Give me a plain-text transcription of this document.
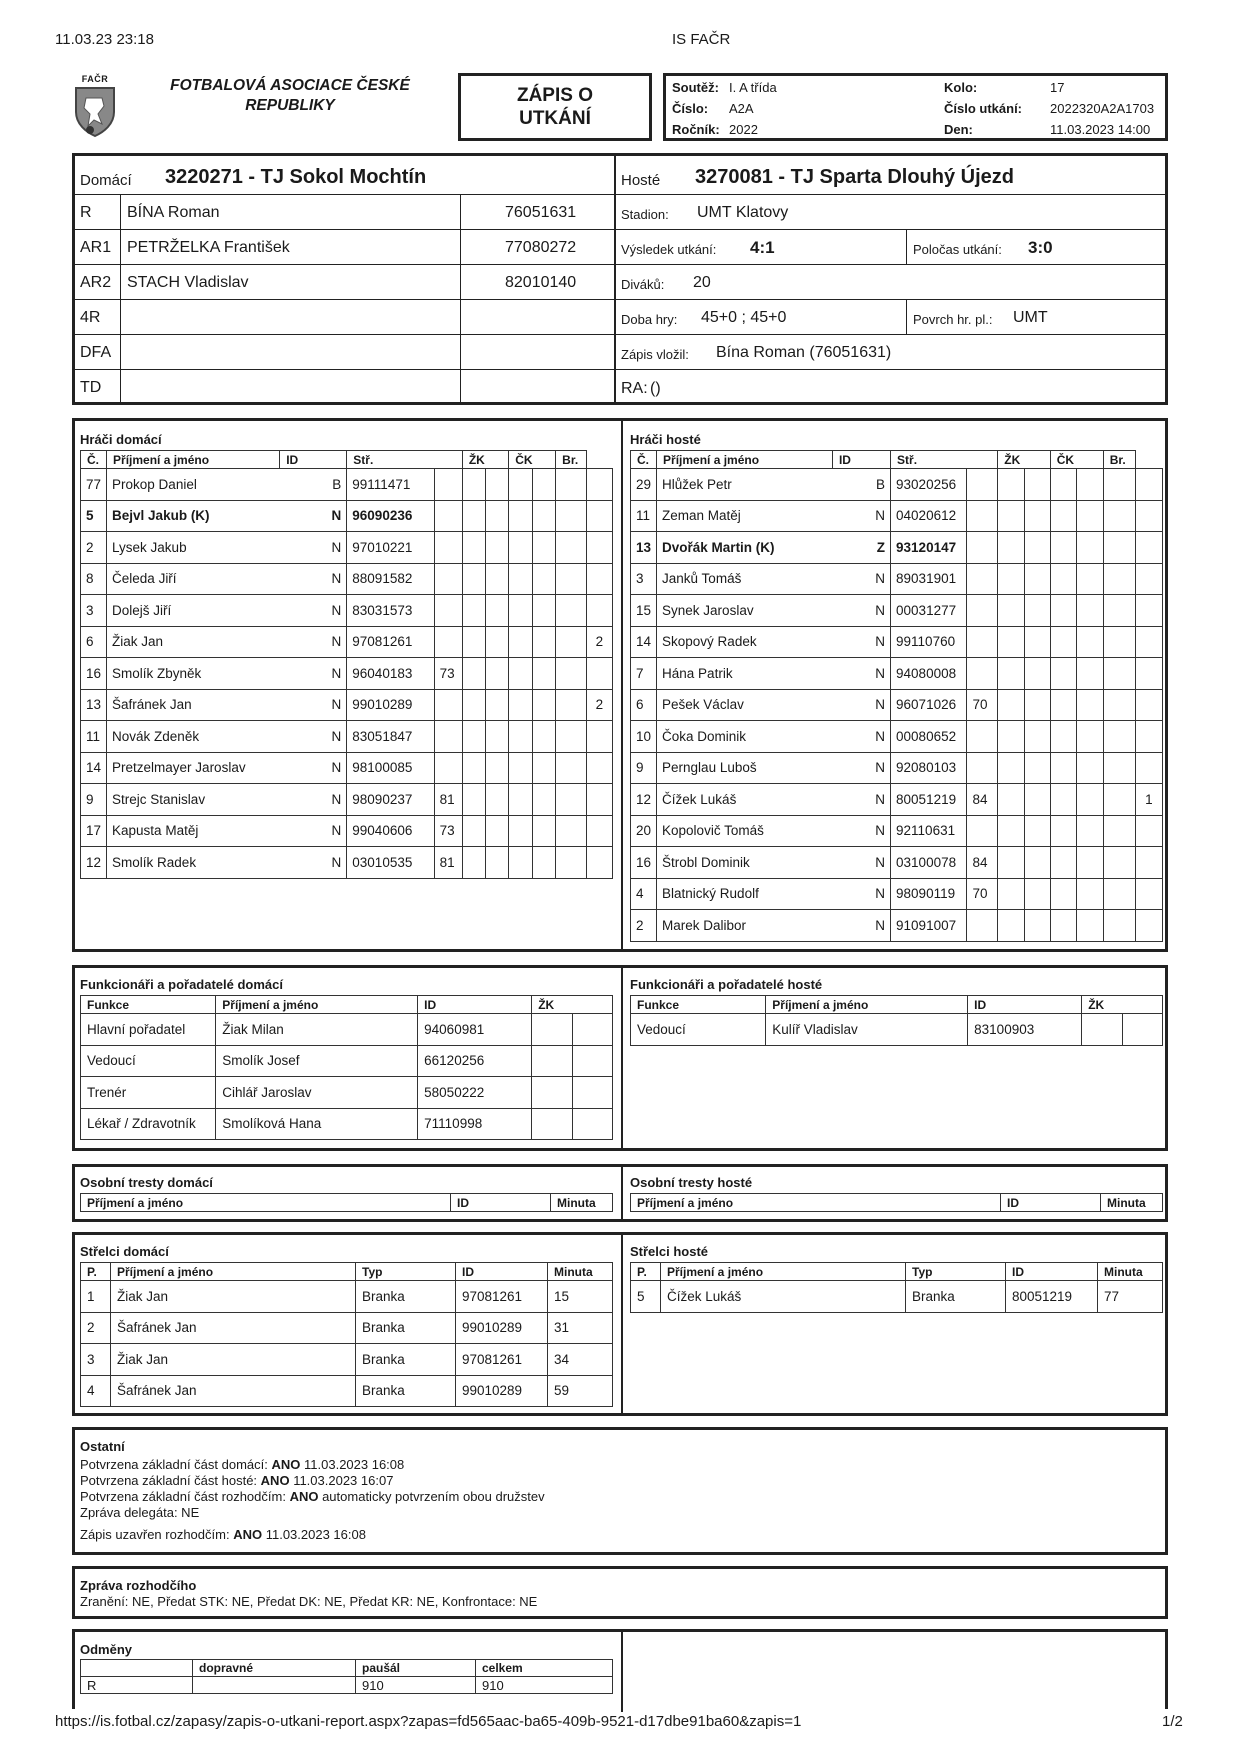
11.03.23 23:18	IS FAČR
FAČR	FOTBALOVÁ ASOCIACE ČESKÉ REPUBLIKY	ZÁPIS O UTKÁNÍ
Soutěž: I. A třída
Číslo: A2A
Ročník: 2022
Kolo:	17
Číslo utkání: 2022320A2A1703
Den:	11.03.2023 14:00
Domácí 3220271 - TJ Sokol Mochtín	Hosté 3270081 - TJ Sparta Dlouhý Újezd
R BÍNA Roman	76051631
AR1 PETRŽELKA František	77080272
AR2 STACH Vladislav	82010140
4R
DFA
TD
Stadion: UMT Klatovy
Výsledek utkání: 4:1	Poločas utkání: 3:0
Diváků: 20
Doba hry: 45+0 ; 45+0	Povrch hr. pl.: UMT
Zápis vložil: Bína Roman (76051631)
RA: ()
Hráči domácí	Hráči hosté
Č.	Příjmení a jméno	ID	Stř.		ŽK		ČK		Br.	
77	Prokop Daniel	B	99111471							
5	Bejvl Jakub (K)	N	96090236							
2	Lysek Jakub	N	97010221							
8	Čeleda Jiří	N	88091582							
3	Dolejš Jiří	N	83031573							
6	Žiak Jan	N	97081261							2
16	Smolík Zbyněk	N	96040183	73						
13	Šafránek Jan	N	99010289							2
11	Novák Zdeněk	N	83051847							
14	Pretzelmayer Jaroslav	N	98100085							
9	Strejc Stanislav	N	98090237	81						
17	Kapusta Matěj	N	99040606	73						
12	Smolík Radek	N	03010535	81						
Č.	Příjmení a jméno	ID	Stř.		ŽK		ČK		Br.	
29	Hlůžek Petr	B	93020256							
11	Zeman Matěj	N	04020612							
13	Dvořák Martin (K)	Z	93120147							
3	Janků Tomáš	N	89031901							
15	Synek Jaroslav	N	00031277							
14	Skopový Radek	N	99110760							
7	Hána Patrik	N	94080008							
6	Pešek Václav	N	96071026	70						
10	Čoka Dominik	N	00080652							
9	Pernglau Luboš	N	92080103							
12	Čížek Lukáš	N	80051219	84						1
20	Kopolovič Tomáš	N	92110631							
16	Štrobl Dominik	N	03100078	84						
4	Blatnický Rudolf	N	98090119	70						
2	Marek Dalibor	N	91091007							
Funkcionáři a pořadatelé domácí	Funkcionáři a pořadatelé hosté
Funkce	Příjmení a jméno	ID	ŽK	
Hlavní pořadatel	Žiak Milan	94060981		
Vedoucí	Smolík Josef	66120256		
Trenér	Cihlář Jaroslav	58050222		
Lékař / Zdravotník	Smolíková Hana	71110998		
Funkce	Příjmení a jméno	ID	ŽK	
Vedoucí	Kulíř Vladislav	83100903		
Osobní tresty domácí	Osobní tresty hosté
Příjmení a jméno	ID	Minuta	Příjmení a jméno	ID	Minuta
Střelci domácí	Střelci hosté
P.	Příjmení a jméno	Typ	ID	Minuta
1	Žiak Jan	Branka	97081261	15
2	Šafránek Jan	Branka	99010289	31
3	Žiak Jan	Branka	97081261	34
4	Šafránek Jan	Branka	99010289	59
P.	Příjmení a jméno	Typ	ID	Minuta
5	Čížek Lukáš	Branka	80051219	77
Ostatní
Potvrzena základní část domácí: ANO 11.03.2023 16:08
Potvrzena základní část hosté: ANO 11.03.2023 16:07
Potvrzena základní část rozhodčím: ANO automaticky potvrzením obou družstev
Zpráva delegáta: NE
Zápis uzavřen rozhodčím: ANO 11.03.2023 16:08
Zpráva rozhodčího
Zranění: NE, Předat STK: NE, Předat DK: NE, Předat KR: NE, Konfrontace: NE
Odměny
	dopravné	paušál	celkem
R		910	910
https://is.fotbal.cz/zapasy/zapis-o-utkani-report.aspx?zapas=fd565aac-ba65-409b-9521-d17dbe91ba60&zapis=1	1/2
